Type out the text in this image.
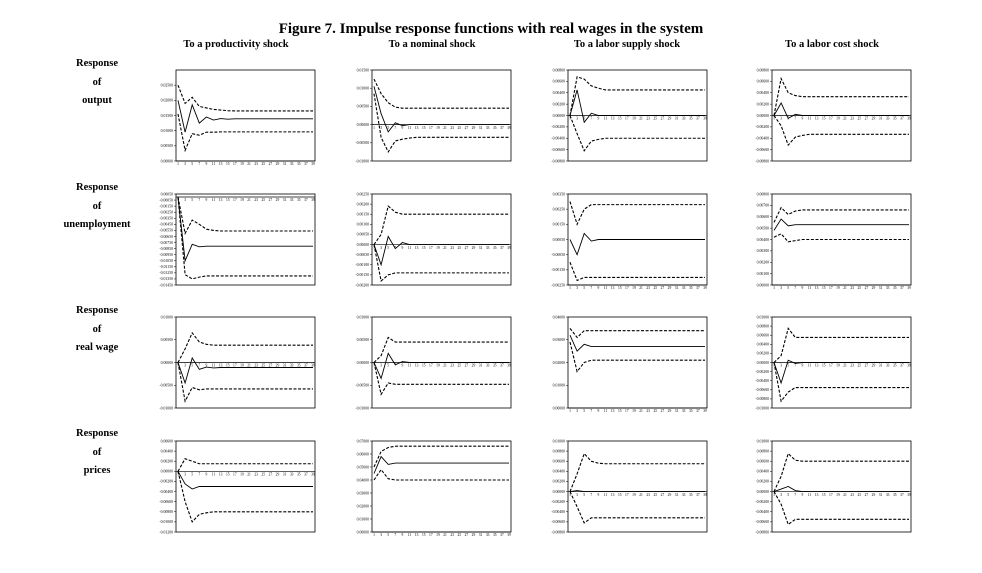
Figure 7. Impulse response functions with real wages in the system
To a productivity shock	To a nominal shock	To a labor supply shock	To a labor cost shock
Response
of
output
Response
of
unemployment
Response
of
real wage
Response
of
prices
0.02500
0.02000
0.01500
0.01000
0.00500
0.00000
1 3 5 7 9 11 13 15 17 19 21 23 25 27 29 31 33 35 37 39
0.01500
0.01000
0.00500
0.00000
-0.00500
-0.01000
1 3 5 7 9 11 13 15 17 19 21 23 25 27 29 31 33 35 37 39
0.00800
0.00600
0.00400
0.00200
0.00000
-0.00200
-0.00400
-0.00600
-0.00800
1 3 5 7 9 11 13 15 17 19 21 23 25 27 29 31 33 35 37 39
0.00800
0.00600
0.00400
0.00200
0.00000
-0.00200
-0.00400
-0.00600
-0.00800
1 3 5 7 9 11 13 15 17 19 21 23 25 27 29 31 33 35 37 39
0.00050
-0.00050
-0.00150
-0.00250
-0.00350
-0.00450
-0.00550
-0.00650
-0.00750
-0.00850
-0.00950
-0.01050
-0.01150
-0.01250
-0.01350
-0.01450
1 3 5 7 9 11 13 15 17 19 21 23 25 27 29 31 33 35 37 39
0.00250
0.00200
0.00150
0.00100
0.00050
0.00000
-0.00050
-0.00100
-0.00150
-0.00200
1 3 5 7 9 11 13 15 17 19 21 23 25 27 29 31 33 35 37 39
0.00350
0.00250
0.00150
0.00050
-0.00050
-0.00150
-0.00250
1 3 5 7 9 11 13 15 17 19 21 23 25 27 29 31 33 35 37 39
0.00800
0.00700
0.00600
0.00500
0.00400
0.00300
0.00200
0.00100
0.00000
1 3 5 7 9 11 13 15 17 19 21 23 25 27 29 31 33 35 37 39
0.01000
0.00500
0.00000
-0.00500
-0.01000
1 3 5 7 9 11 13 15 17 19 21 23 25 27 29 31 33 35 37 39
0.01000
0.00500
0.00000
-0.00500
-0.01000
1 3 5 7 9 11 13 15 17 19 21 23 25 27 29 31 33 35 37 39
0.04000
0.03000
0.02000
0.01000
0.00000
1 3 5 7 9 11 13 15 17 19 21 23 25 27 29 31 33 35 37 39
0.01000
0.00800
0.00600
0.00400
0.00200
0.00000
-0.00200
-0.00400
-0.00600
-0.00800
-0.01000
1 3 5 7 9 11 13 15 17 19 21 23 25 27 29 31 33 35 37 39
0.00600
0.00400
0.00200
0.00000
-0.00200
-0.00400
-0.00600
-0.00800
-0.01000
-0.01200
1 3 5 7 9 11 13 15 17 19 21 23 25 27 29 31 33 35 37 39
0.07000
0.06000
0.05000
0.04000
0.03000
0.02000
0.01000
0.00000
1 3 5 7 9 11 13 15 17 19 21 23 25 27 29 31 33 35 37 39
0.01000
0.00800
0.00600
0.00400
0.00200
0.00000
-0.00200
-0.00400
-0.00600
-0.00800
1 3 5 7 9 11 13 15 17 19 21 23 25 27 29 31 33 35 37 39
0.01000
0.00800
0.00600
0.00400
0.00200
0.00000
-0.00200
-0.00400
-0.00600
-0.00800
1 3 5 7 9 11 13 15 17 19 21 23 25 27 29 31 33 35 37 39
